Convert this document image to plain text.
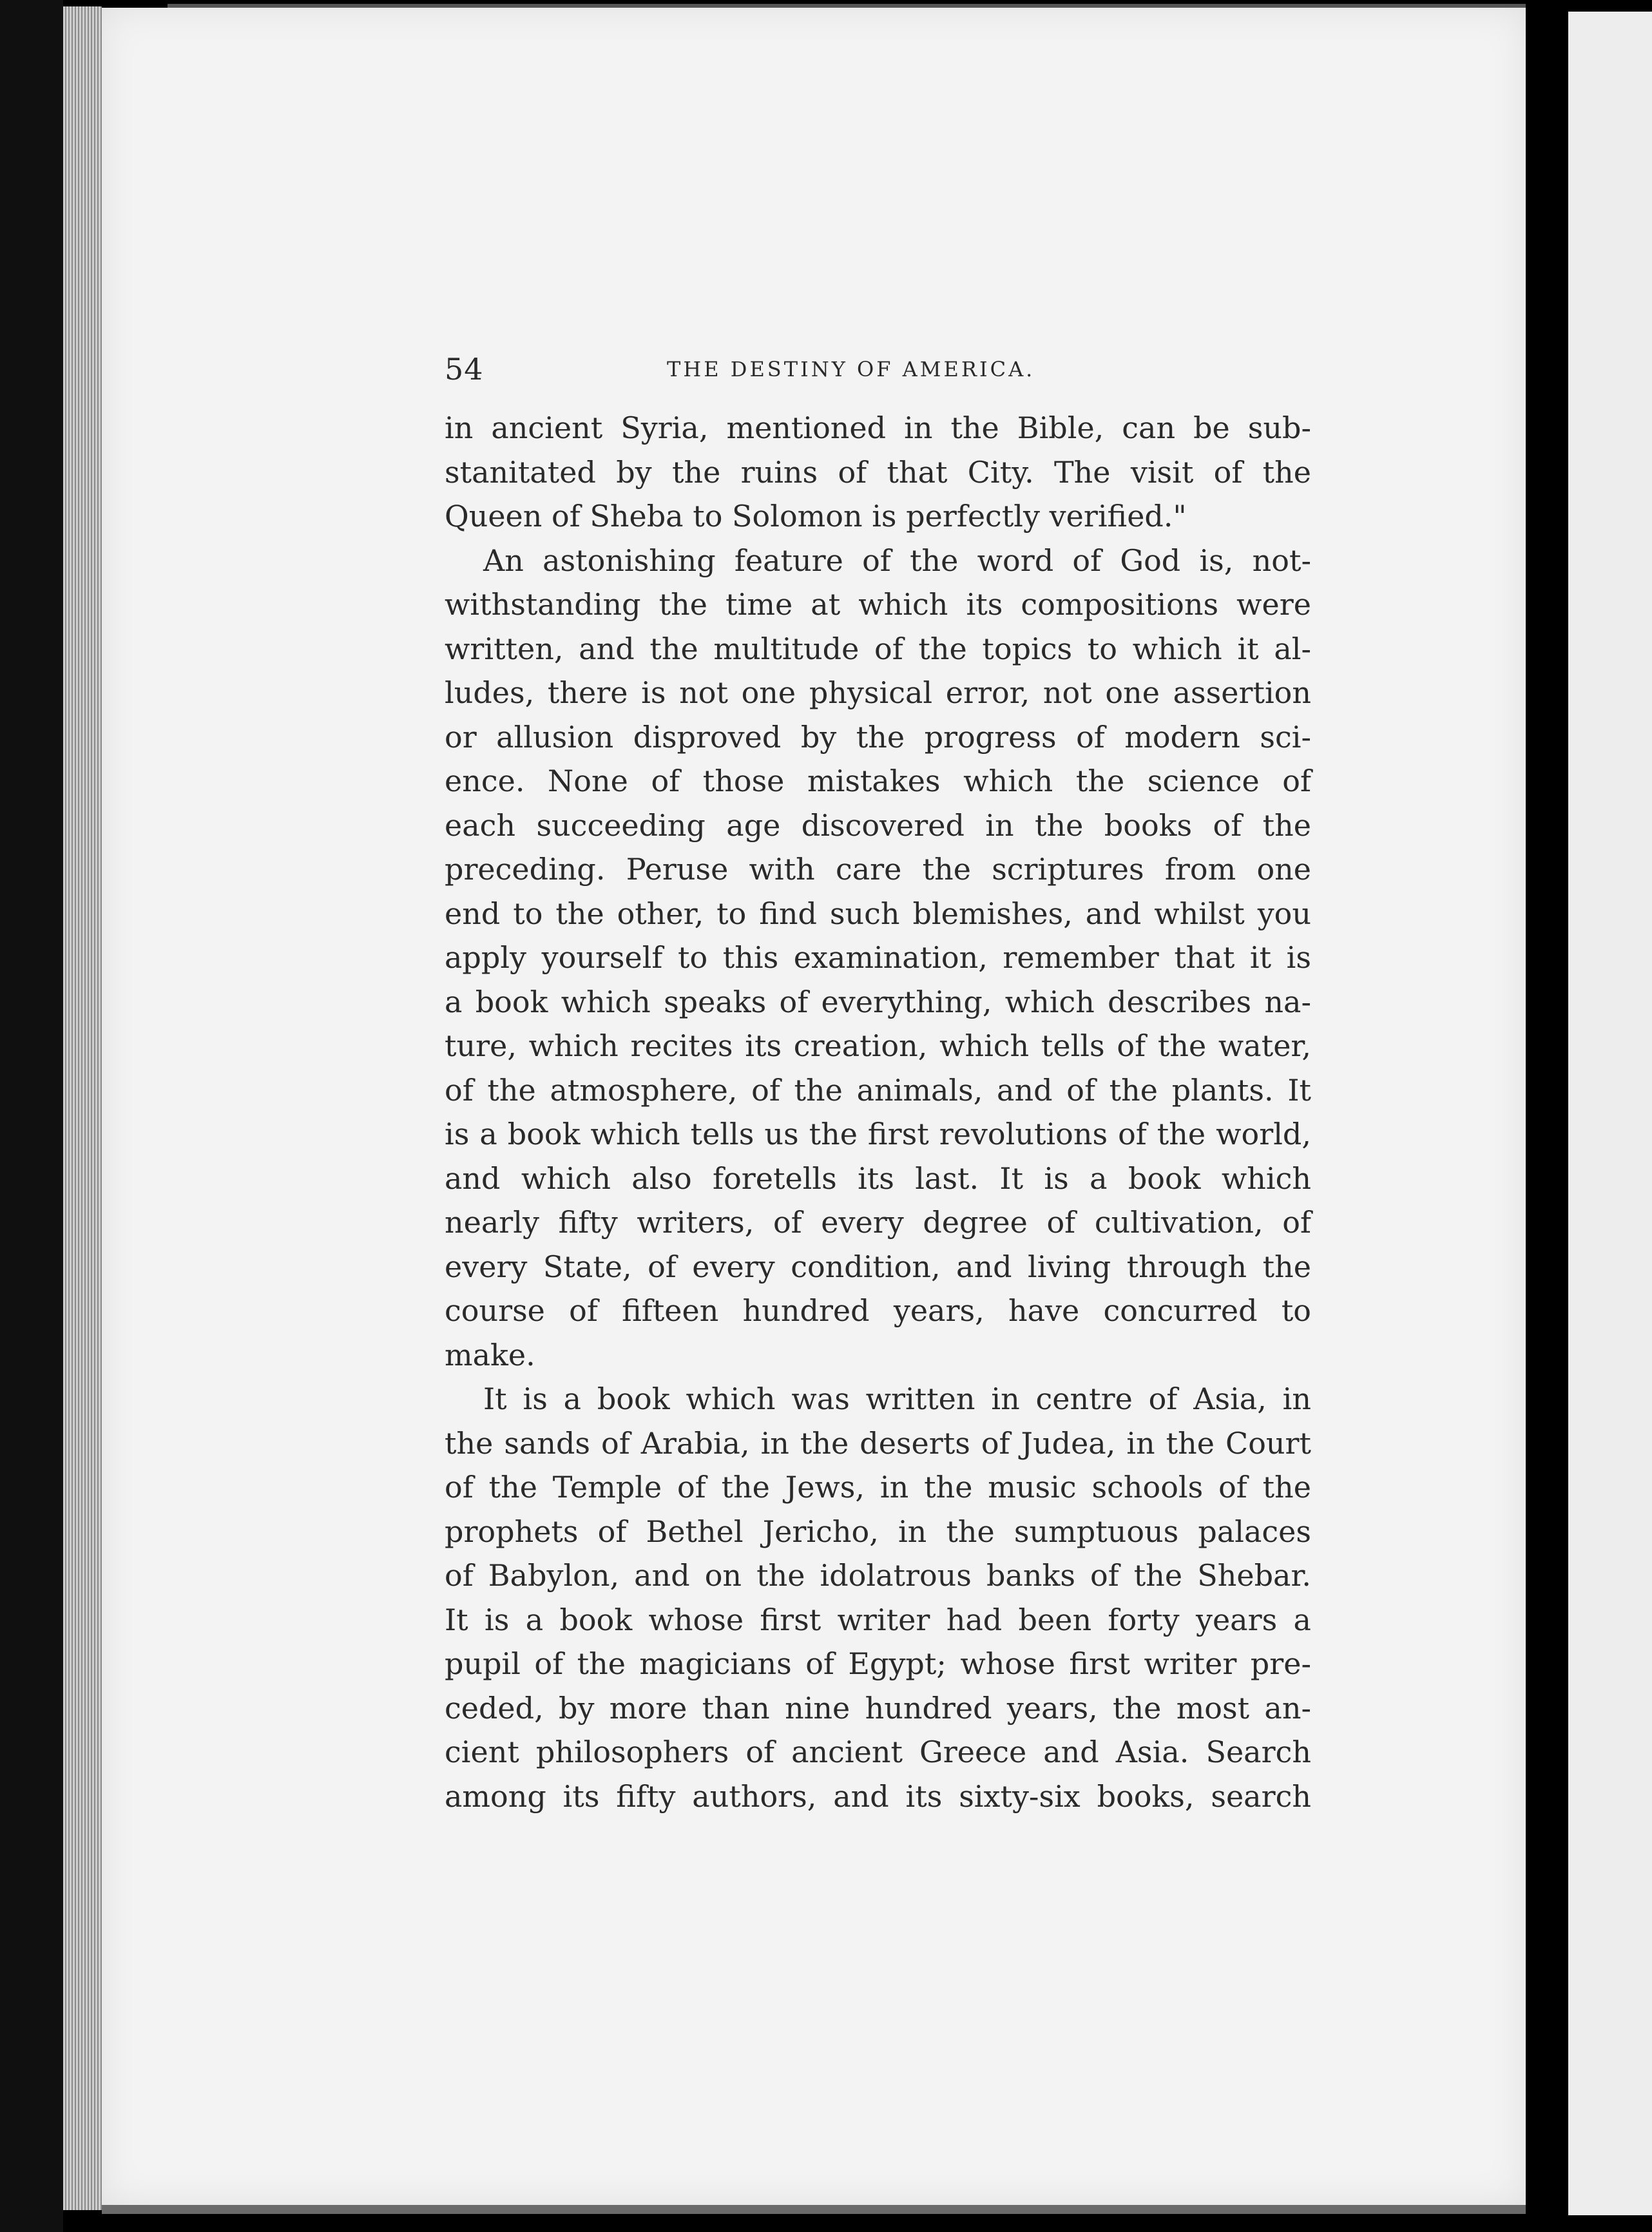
54	THE DESTINY OF AMERICA.
in ancient Syria, mentioned in the Bible, can be sub-
stanitated by the ruins of that City. The visit of the
Queen of Sheba to Solomon is perfectly verified."
An astonishing feature of the word of God is, not-
withstanding the time at which its compositions were
written, and the multitude of the topics to which it al-
ludes, there is not one physical error, not one assertion
or allusion disproved by the progress of modern sci-
ence. None of those mistakes which the science of
each succeeding age discovered in the books of the
preceding. Peruse with care the scriptures from one
end to the other, to find such blemishes, and whilst you
apply yourself to this examination, remember that it is
a book which speaks of everything, which describes na-
ture, which recites its creation, which tells of the water,
of the atmosphere, of the animals, and of the plants. It
is a book which tells us the first revolutions of the world,
and which also foretells its last. It is a book which
nearly fifty writers, of every degree of cultivation, of
every State, of every condition, and living through the
course of fifteen hundred years, have concurred to
make.
It is a book which was written in centre of Asia, in
the sands of Arabia, in the deserts of Judea, in the Court
of the Temple of the Jews, in the music schools of the
prophets of Bethel Jericho, in the sumptuous palaces
of Babylon, and on the idolatrous banks of the Shebar.
It is a book whose first writer had been forty years a
pupil of the magicians of Egypt; whose first writer pre-
ceded, by more than nine hundred years, the most an-
cient philosophers of ancient Greece and Asia. Search
among its fifty authors, and its sixty-six books, search
